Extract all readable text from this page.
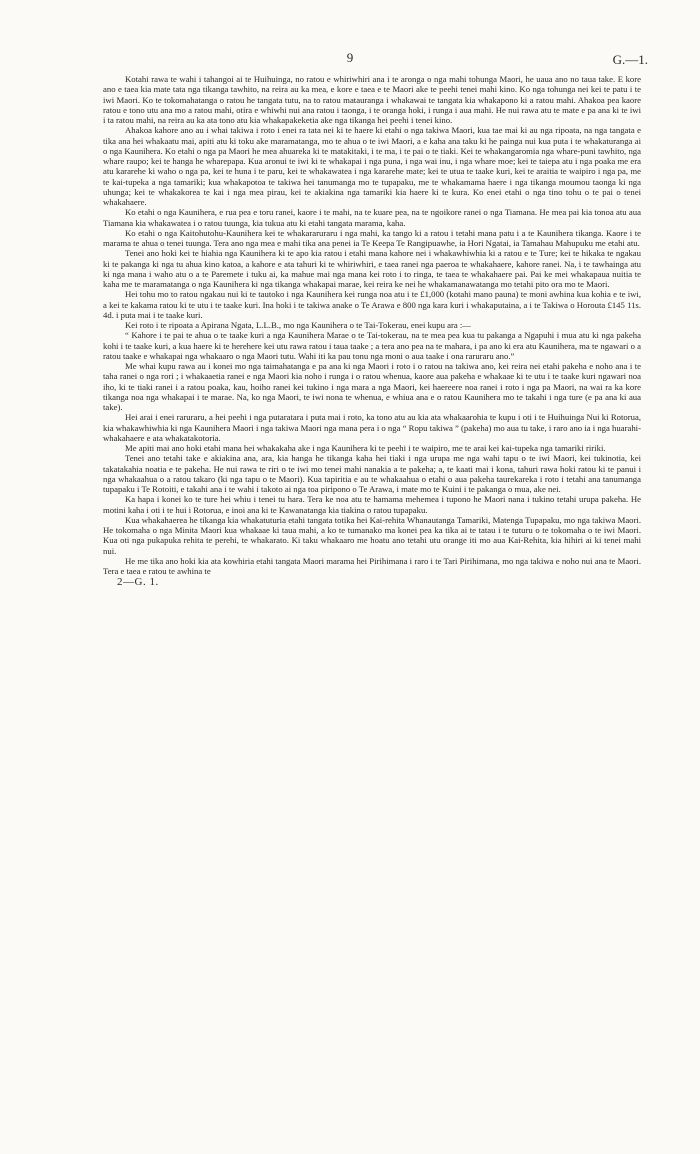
9	G.—1.

Kotahi rawa te wahi i tahangoi ai te Huihuinga, no ratou e whiriwhiri ana i te aronga o nga mahi tohunga Maori, he uaua ano no taua take. E kore ano e taea kia mate tata nga tikanga tawhito, na reira au ka mea, e kore e taea e te Maori ake te peehi tenei mahi kino. Ko nga tohunga nei kei te patu i te iwi Maori. Ko te tokomahatanga o ratou he tangata tutu, na to ratou matauranga i whakawai te tangata kia whakapono ki a ratou mahi. Ahakoa pea kaore ratou e tono utu ana mo a ratou mahi, otira e whiwhi nui ana ratou i taonga, i te oranga hoki, i runga i aua mahi. He nui rawa atu te mate e pa ana ki te iwi i ta ratou mahi, na reira au ka ata tono atu kia whakapakeketia ake nga tikanga hei peehi i tenei kino.

Ahakoa kahore ano au i whai takiwa i roto i enei ra tata nei ki te haere ki etahi o nga takiwa Maori, kua tae mai ki au nga ripoata, na nga tangata e tika ana hei whakaatu mai, apiti atu ki toku ake maramatanga, mo te ahua o te iwi Maori, a e kaha ana taku ki he painga nui kua puta i te whakaturanga ai o nga Kaunihera. Ko etahi o nga pa Maori he mea ahuareka ki te matakitaki, i te ma, i te pai o te tiaki. Kei te whakangaromia nga whare-puni tawhito, nga whare raupo; kei te hanga he wharepapa. Kua aronui te iwi ki te whakapai i nga puna, i nga wai inu, i nga whare moe; kei te taiepa atu i nga poaka me era atu kararehe ki waho o nga pa, kei te huna i te paru, kei te whakawatea i nga kararehe mate; kei te utua te taake kuri, kei te araitia te waipiro i nga pa, me te kai-tupeka a nga tamariki; kua whakapotoa te takiwa hei tanumanga mo te tupapaku, me te whakamama haere i nga tikanga moumou taonga ki nga uhunga; kei te whakakorea te kai i nga mea pirau, kei te akiakina nga tamariki kia haere ki te kura. Ko enei etahi o nga tino tohu o te pai o tenei whakahaere.

Ko etahi o nga Kaunihera, e rua pea e toru ranei, kaore i te mahi, na te kuare pea, na te ngoikore ranei o nga Tiamana. He mea pai kia tonoa atu aua Tiamana kia whakawatea i o ratou tuunga, kia tukua atu ki etahi tangata marama, kaha.

Ko etahi o nga Kaitohutohu-Kaunihera kei te whakararuraru i nga mahi, ka tango ki a ratou i tetahi mana patu i a te Kaunihera tikanga. Kaore i te marama te ahua o tenei tuunga. Tera ano nga mea e mahi tika ana penei ia Te Keepa Te Rangipuawhe, ia Hori Ngatai, ia Tamahau Mahupuku me etahi atu.

Tenei ano hoki kei te hiahia nga Kaunihera ki te apo kia ratou i etahi mana kahore nei i whakawhiwhia ki a ratou e te Ture; kei te hikaka te ngakau ki te pakanga ki nga tu ahua kino katoa, a kahore e ata tahuri ki te whiriwhiri, e taea ranei nga paeroa te whakahaere, kahore ranei. Na, i te tawhainga atu ki nga mana i waho atu o a te Paremete i tuku ai, ka mahue mai nga mana kei roto i to ringa, te taea te whakahaere pai. Pai ke mei whakapaua nuitia te kaha me te maramatanga o nga Kaunihera ki nga tikanga whakapai marae, kei reira ke nei he whakamanawatanga mo tetahi pito ora mo te Maori.

Hei tohu mo to ratou ngakau nui ki te tautoko i nga Kaunihera kei runga noa atu i te £1,000 (kotahi mano pauna) te moni awhina kua kohia e te iwi, a kei te kakama ratou ki te utu i te taake kuri. Ina hoki i te takiwa anake o Te Arawa e 800 nga kara kuri i whakaputaina, a i te Takiwa o Horouta £145 11s. 4d. i puta mai i te taake kuri.

Kei roto i te ripoata a Apirana Ngata, L.L.B., mo nga Kaunihera o te Tai-Tokerau, enei kupu ara :—

“ Kahore i te pai te ahua o te taake kuri a nga Kaunihera Marae o te Tai-tokerau, na te mea pea kua tu pakanga a Ngapuhi i mua atu ki nga pakeha kohi i te taake kuri, a kua haere ki te herehere kei utu rawa ratou i taua taake ; a tera ano pea na te mahara, i pa ano ki era atu Kaunihera, ma te ngawari o a ratou taake e whakapai nga whakaaro o nga Maori tutu. Wahi iti ka pau tonu nga moni o aua taake i ona raruraru ano.”

Me whai kupu rawa au i konei mo nga taimahatanga e pa ana ki nga Maori i roto i o ratou na takiwa ano, kei reira nei etahi pakeha e noho ana i te taha ranei o nga rori ; i whakaaetia ranei e nga Maori kia noho i runga i o ratou whenua, kaore aua pakeha e whakaae ki te utu i te taake kuri ngawari noa iho, ki te tiaki ranei i a ratou poaka, kau, hoiho ranei kei tukino i nga mara a nga Maori, kei haereere noa ranei i roto i nga pa Maori, na wai ra ka kore tikanga noa nga whakapai i te marae. Na, ko nga Maori, te iwi nona te whenua, e whiua ana e o ratou Kaunihera mo te takahi i nga ture (e pa ana ki aua take).

Hei arai i enei raruraru, a hei peehi i nga putaratara i puta mai i roto, ka tono atu au kia ata whakaarohia te kupu i oti i te Huihuinga Nui ki Rotorua, kia whakawhiwhia ki nga Kaunihera Maori i nga takiwa Maori nga mana pera i o nga “ Ropu takiwa ” (pakeha) mo aua tu take, i raro ano ia i nga huarahi-whakahaere e ata whakatakotoria.

Me apiti mai ano hoki etahi mana hei whakakaha ake i nga Kaunihera ki te peehi i te waipiro, me te arai kei kai-tupeka nga tamariki ririki.

Tenei ano tetahi take e akiakina ana, ara, kia hanga he tikanga kaha hei tiaki i nga urupa me nga wahi tapu o te iwi Maori, kei tukinotia, kei takatakahia noatia e te pakeha. He nui rawa te riri o te iwi mo tenei mahi nanakia a te pakeha; a, te kaati mai i kona, tahuri rawa hoki ratou ki te panui i nga whakaahua o a ratou takaro (ki nga tapu o te Maori). Kua tapiritia e au te whakaahua o etahi o aua pakeha taurekareka i roto i tetahi ana tanumanga tupapaku i Te Rotoiti, e takahi ana i te wahi i takoto ai nga toa piripono o Te Arawa, i mate mo te Kuini i te pakanga o mua, ake nei.

Ka hapa i konei ko te ture hei whiu i tenei tu hara. Tera ke noa atu te hamama mehemea i tupono he Maori nana i tukino tetahi urupa pakeha. He motini kaha i oti i te hui i Rotorua, e inoi ana ki te Kawanatanga kia tiakina o ratou tupapaku.

Kua whakahaerea he tikanga kia whakatuturia etahi tangata totika hei Kai-rehita Whanautanga Tamariki, Matenga Tupapaku, mo nga takiwa Maori. He tokomaha o nga Minita Maori kua whakaae ki taua mahi, a ko te tumanako ma konei pea ka tika ai te tatau i te tuturu o te tokomaha o te iwi Maori. Kua oti nga pukapuka rehita te perehi, te whakarato. Ki taku whakaaro me hoatu ano tetahi utu orange iti mo aua Kai-Rehita, kia hihiri ai ki tenei mahi nui.

He me tika ano hoki kia ata kowhiria etahi tangata Maori marama hei Pirihimana i raro i te Tari Pirihimana, mo nga takiwa e noho nui ana te Maori. Tera e taea e ratou te awhina te

2—G. 1.
